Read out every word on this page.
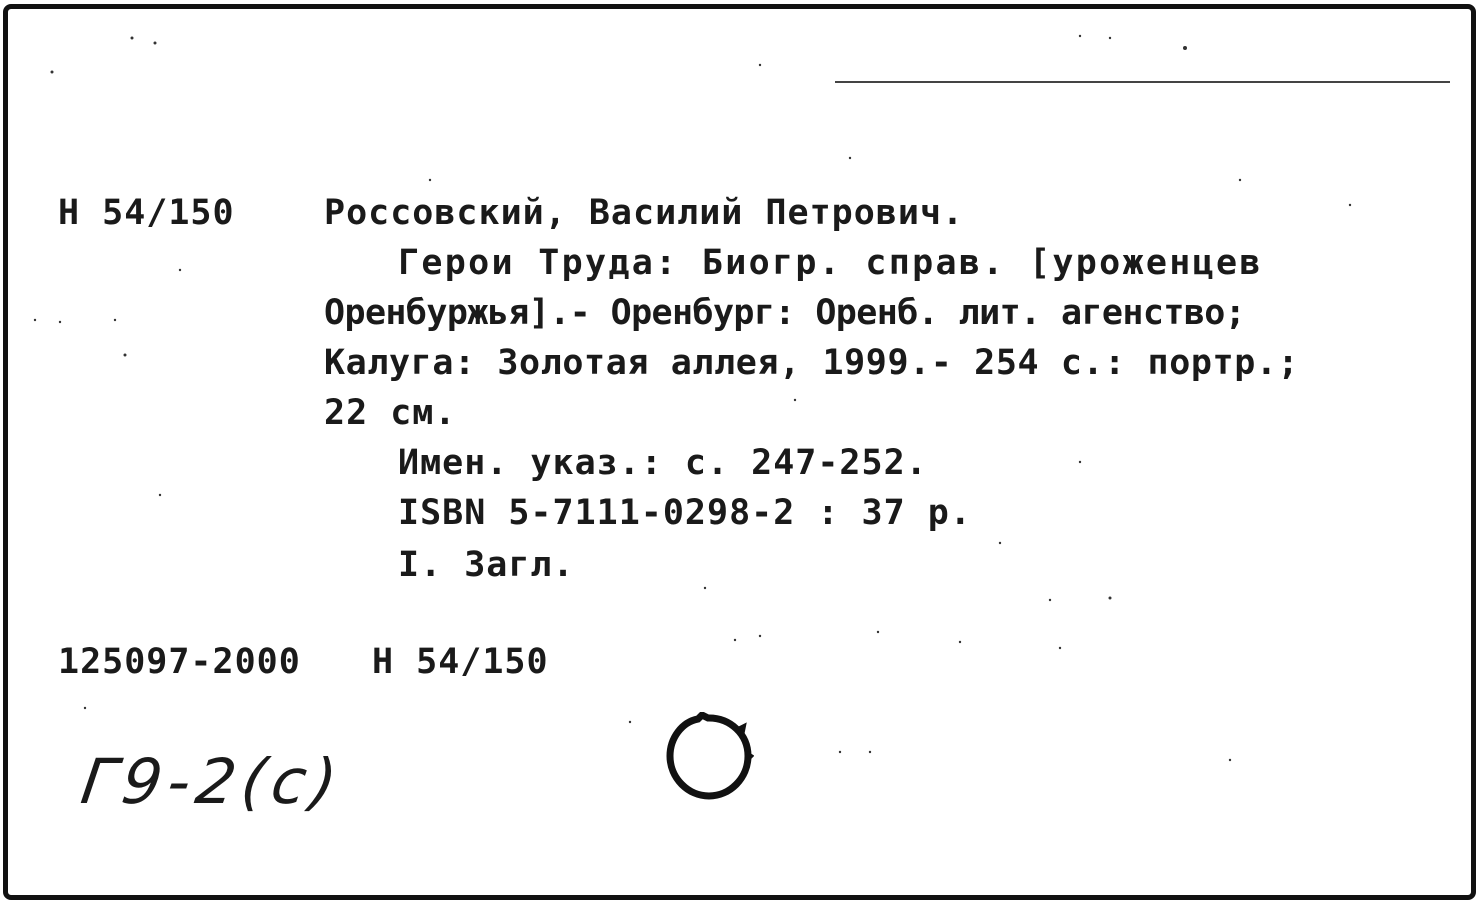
Н 54/150	Россовский, Василий Петрович.
Герои Труда: Биогр. справ. [уроженцев
Оренбуржья].- Оренбург: Оренб. лит. агенство;
Калуга: Золотая аллея, 1999.- 254 с.: портр.;
22 см.
Имен. указ.: с. 247-252.
ISBN 5-7111-0298-2 : 37 р.
I. Загл.
125097-2000 Н 54/150
Г9-2(с)
